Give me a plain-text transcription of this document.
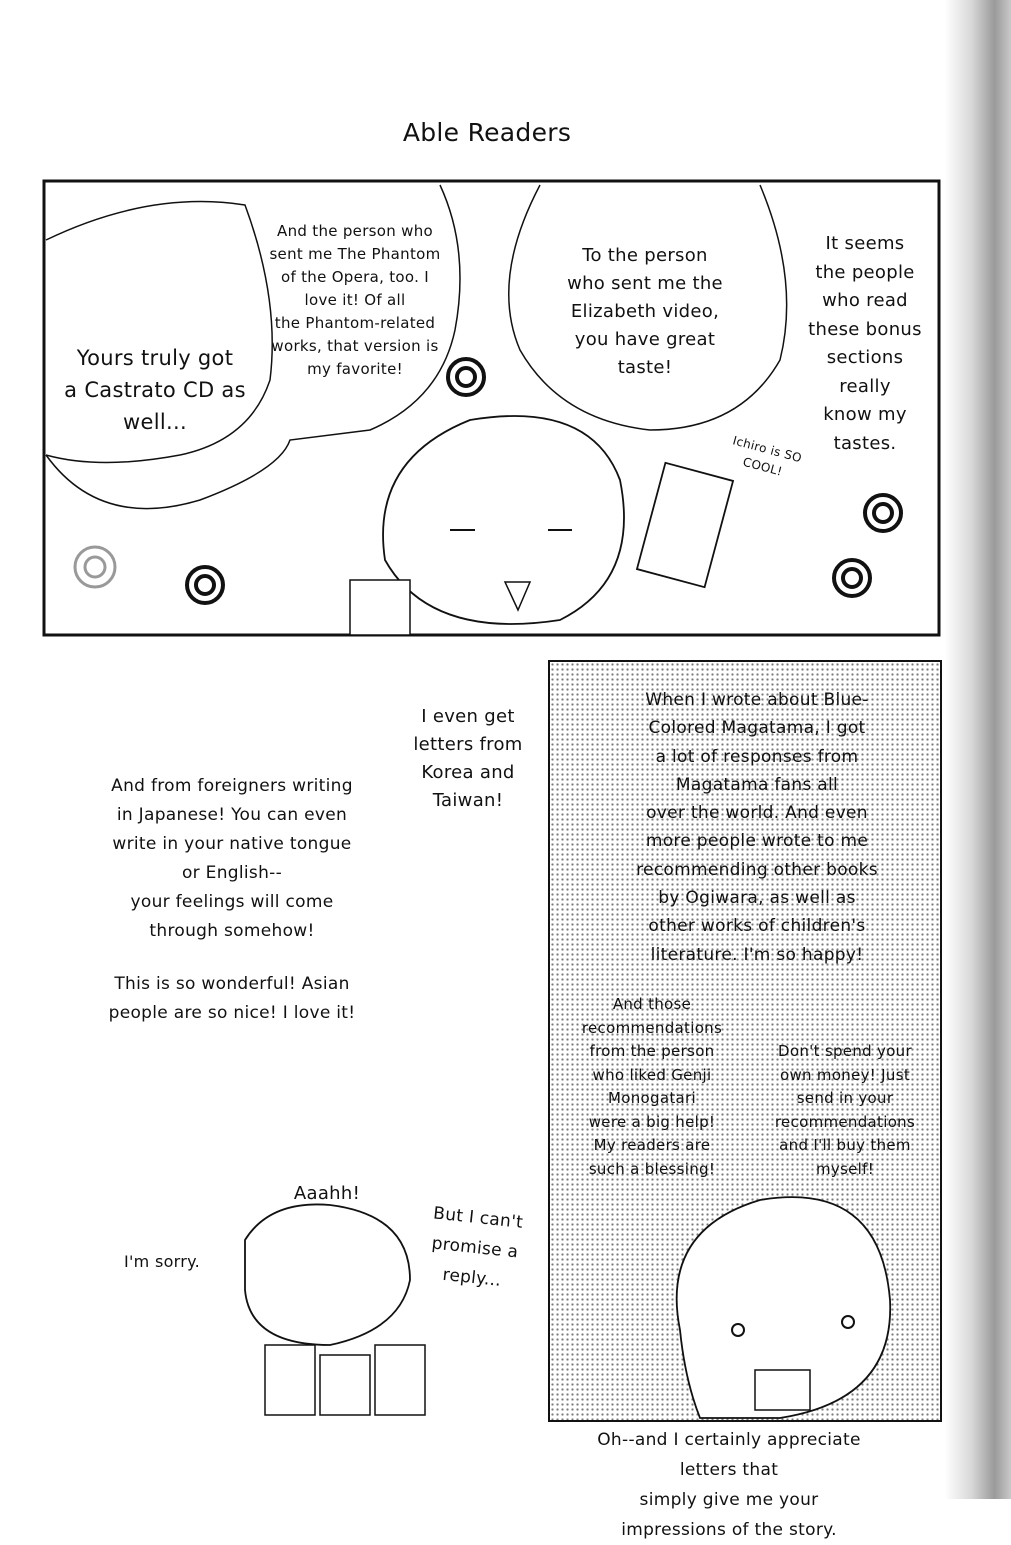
Able Readers
Yours truly got
a Castrato CD as
well...
And the person who
sent me The Phantom
of the Opera, too. I
love it! Of all
the Phantom-related
works, that version is
my favorite!
To the person
who sent me the
Elizabeth video,
you have great
taste!
It seems
the people
who read
these bonus
sections
really
know my
tastes.
Ichiro is SO
COOL!
I even get
letters from
Korea and
Taiwan!
And from foreigners writing
in Japanese! You can even
write in your native tongue
or English--
your feelings will come
through somehow!
This is so wonderful! Asian
people are so nice! I love it!
Aaahh!
I'm sorry.
But I can't
promise a
reply...
When I wrote about Blue-
Colored Magatama, I got
a lot of responses from
Magatama fans all
over the world. And even
more people wrote to me
recommending other books
by Ogiwara, as well as
other works of children's
literature. I'm so happy!
And those
recommendations
from the person
who liked Genji
Monogatari
were a big help!
My readers are
such a blessing!
Don't spend your
own money! Just
send in your
recommendations
and I'll buy them
myself!
Oh--and I certainly appreciate letters that
simply give me your impressions of the story.
